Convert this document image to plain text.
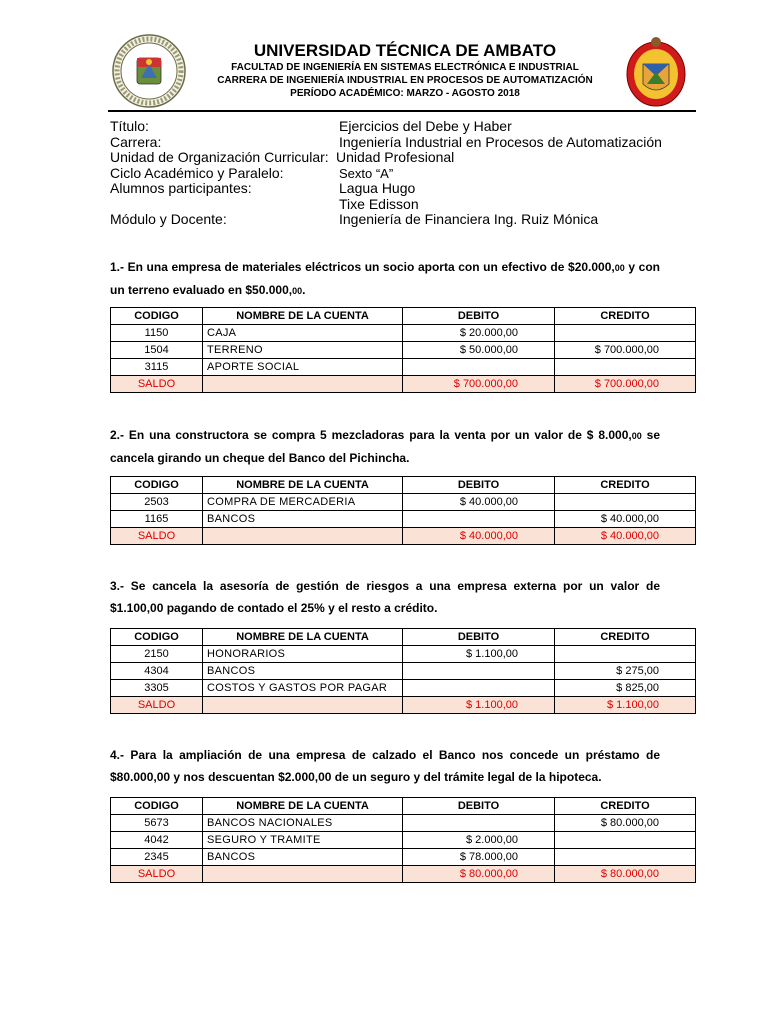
UNIVERSIDAD TÉCNICA DE AMBATO
FACULTAD DE INGENIERÍA EN SISTEMAS ELECTRÓNICA E INDUSTRIAL
CARRERA DE INGENIERÍA INDUSTRIAL EN PROCESOS DE AUTOMATIZACIÓN
PERÍODO ACADÉMICO: MARZO - AGOSTO 2018
Título:	Ejercicios del Debe y Haber
Carrera:	Ingeniería Industrial en Procesos de Automatización
Unidad de Organización Curricular: Unidad Profesional
Ciclo Académico y Paralelo:	Sexto “A”
Alumnos participantes:	Lagua Hugo
Tixe Edisson
Módulo y Docente:	Ingeniería de Financiera Ing. Ruiz Mónica
1.- En una empresa de materiales eléctricos un socio aporta con un efectivo de $20.000,00 y con un terreno evaluado en $50.000,00.
CODIGO	NOMBRE DE LA CUENTA	DEBITO	CREDITO
1150	CAJA	$ 20.000,00	
1504	TERRENO	$ 50.000,00	$ 700.000,00
3115	APORTE SOCIAL		
SALDO		$ 700.000,00	$ 700.000,00
2.- En una constructora se compra 5 mezcladoras para la venta por un valor de $ 8.000,00 se cancela girando un cheque del Banco del Pichincha.
CODIGO	NOMBRE DE LA CUENTA	DEBITO	CREDITO
2503	COMPRA DE MERCADERIA	$ 40.000,00	
1165	BANCOS		$ 40.000,00
SALDO		$ 40.000,00	$ 40.000,00
3.- Se cancela la asesoría de gestión de riesgos a una empresa externa por un valor de $1.100,00 pagando de contado el 25% y el resto a crédito.
CODIGO	NOMBRE DE LA CUENTA	DEBITO	CREDITO
2150	HONORARIOS	$ 1.100,00	
4304	BANCOS		$ 275,00
3305	COSTOS Y GASTOS POR PAGAR		$ 825,00
SALDO		$ 1.100,00	$ 1.100,00
4.- Para la ampliación de una empresa de calzado el Banco nos concede un préstamo de $80.000,00 y nos descuentan $2.000,00 de un seguro y del trámite legal de la hipoteca.
CODIGO	NOMBRE DE LA CUENTA	DEBITO	CREDITO
5673	BANCOS NACIONALES		$ 80.000,00
4042	SEGURO Y TRAMITE	$ 2.000,00	
2345	BANCOS	$ 78.000,00	
SALDO		$ 80.000,00	$ 80.000,00
